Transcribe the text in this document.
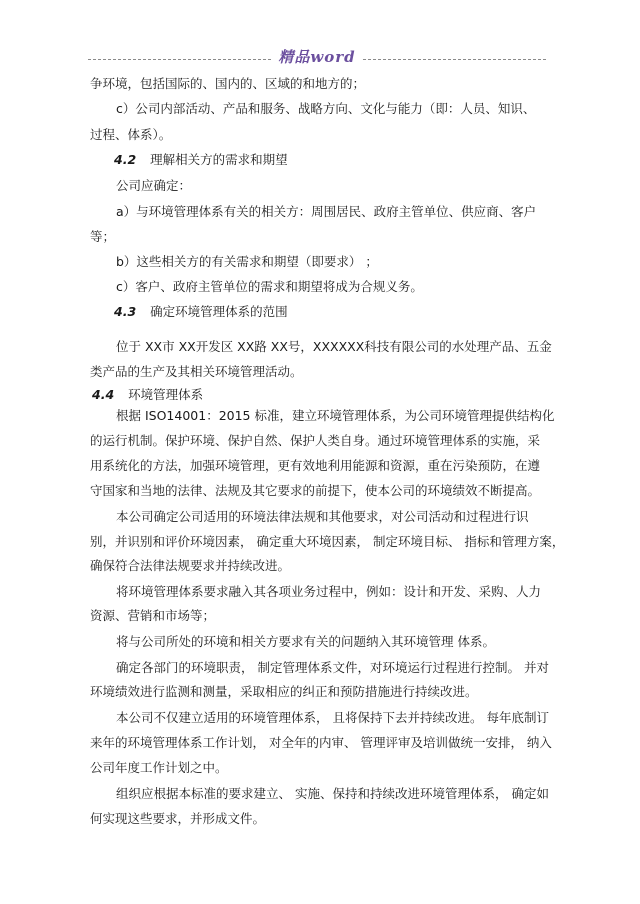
精品word
争环境，包括国际的、国内的、区域的和地方的；
c）公司内部活动、产品和服务、战略方向、文化与能力（即：人员、知识、
过程、体系）。
4.2 理解相关方的需求和期望
公司应确定：
a）与环境管理体系有关的相关方：周围居民、政府主管单位、供应商、客户
等；
b）这些相关方的有关需求和期望（即要求） ；
c）客户、政府主管单位的需求和期望将成为合规义务。
4.3 确定环境管理体系的范围
位于 XX市 XX开发区 XX路 XX号，XXXXXX科技有限公司的水处理产品、五金
类产品的生产及其相关环境管理活动。
4.4 环境管理体系
根据 ISO14001：2015 标准，建立环境管理体系，为公司环境管理提供结构化
的运行机制。保护环境、保护自然、保护人类自身。通过环境管理体系的实施，采
用系统化的方法，加强环境管理，更有效地利用能源和资源，重在污染预防，在遵
守国家和当地的法律、法规及其它要求的前提下，使本公司的环境绩效不断提高。
本公司确定公司适用的环境法律法规和其他要求，对公司活动和过程进行识
别，并识别和评价环境因素， 确定重大环境因素， 制定环境目标、 指标和管理方案，
确保符合法律法规要求并持续改进。
将环境管理体系要求融入其各项业务过程中，例如：设计和开发、采购、人力
资源、营销和市场等；
将与公司所处的环境和相关方要求有关的问题纳入其环境管理 体系。
确定各部门的环境职责， 制定管理体系文件，对环境运行过程进行控制。 并对
环境绩效进行监测和测量，采取相应的纠正和预防措施进行持续改进。
本公司不仅建立适用的环境管理体系， 且将保持下去并持续改进。 每年底制订
来年的环境管理体系工作计划， 对全年的内审、 管理评审及培训做统一安排， 纳入
公司年度工作计划之中。
组织应根据本标准的要求建立、 实施、保持和持续改进环境管理体系， 确定如
何实现这些要求，并形成文件。
